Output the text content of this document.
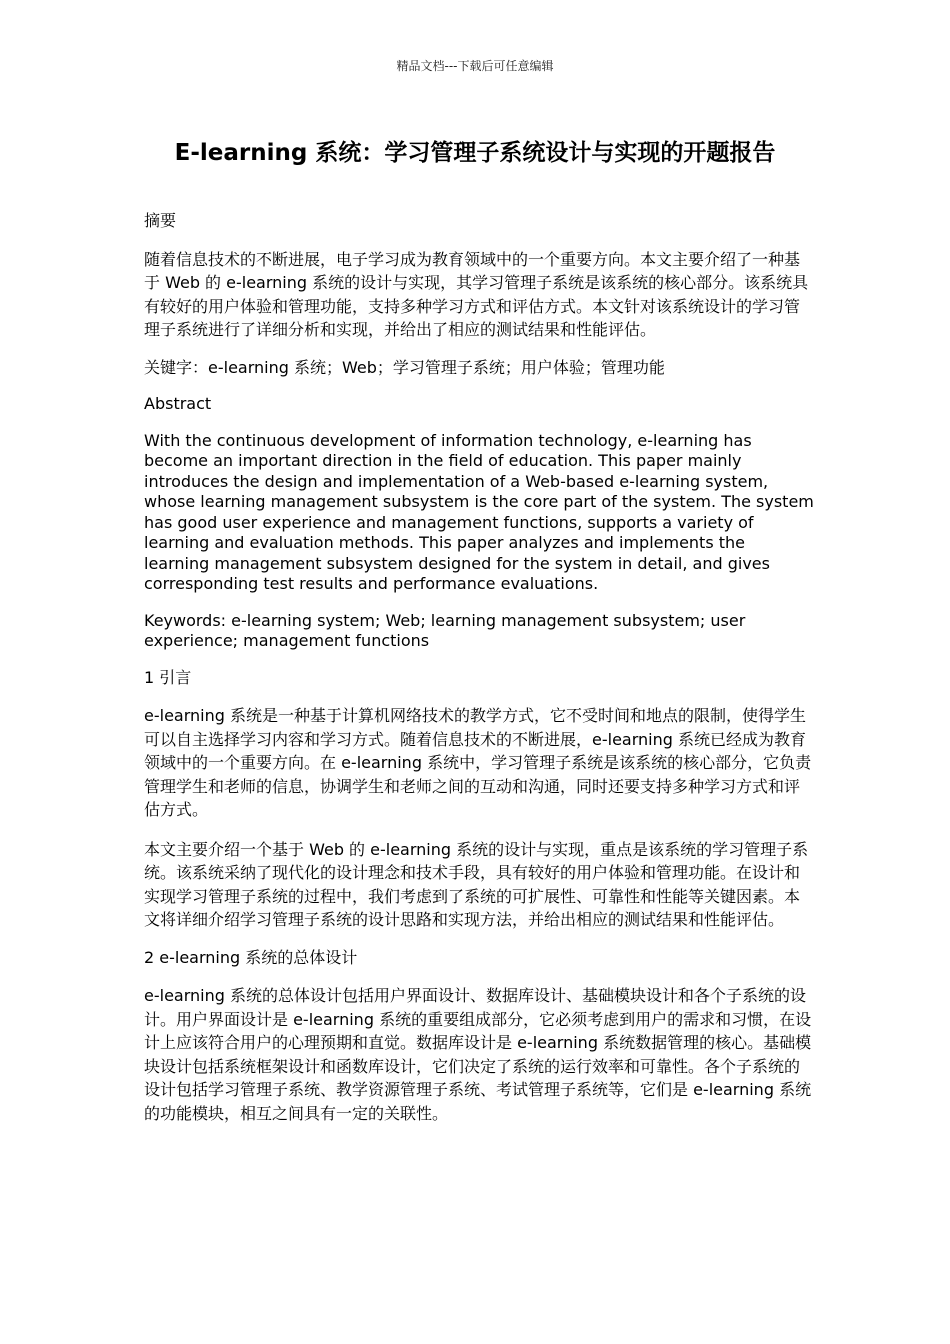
精品文档---下载后可任意编辑
E-learning 系统：学习管理子系统设计与实现的开题报告

摘要

随着信息技术的不断进展，电子学习成为教育领域中的一个重要方向。本文主要介绍了一种基于 Web 的 e-learning 系统的设计与实现，其学习管理子系统是该系统的核心部分。该系统具有较好的用户体验和管理功能，支持多种学习方式和评估方式。本文针对该系统设计的学习管理子系统进行了详细分析和实现，并给出了相应的测试结果和性能评估。

关键字：e-learning 系统；Web；学习管理子系统；用户体验；管理功能

Abstract

With the continuous development of information technology, e-learning has become an important direction in the field of education. This paper mainly introduces the design and implementation of a Web-based e-learning system, whose learning management subsystem is the core part of the system. The system has good user experience and management functions, supports a variety of learning and evaluation methods. This paper analyzes and implements the learning management subsystem designed for the system in detail, and gives corresponding test results and performance evaluations.

Keywords: e-learning system; Web; learning management subsystem; user experience; management functions

1 引言

e-learning 系统是一种基于计算机网络技术的教学方式，它不受时间和地点的限制，使得学生可以自主选择学习内容和学习方式。随着信息技术的不断进展，e-learning 系统已经成为教育领域中的一个重要方向。在 e-learning 系统中，学习管理子系统是该系统的核心部分，它负责管理学生和老师的信息，协调学生和老师之间的互动和沟通，同时还要支持多种学习方式和评估方式。

本文主要介绍一个基于 Web 的 e-learning 系统的设计与实现，重点是该系统的学习管理子系统。该系统采纳了现代化的设计理念和技术手段，具有较好的用户体验和管理功能。在设计和实现学习管理子系统的过程中，我们考虑到了系统的可扩展性、可靠性和性能等关键因素。本文将详细介绍学习管理子系统的设计思路和实现方法，并给出相应的测试结果和性能评估。

2 e-learning 系统的总体设计

e-learning 系统的总体设计包括用户界面设计、数据库设计、基础模块设计和各个子系统的设计。用户界面设计是 e-learning 系统的重要组成部分，它必须考虑到用户的需求和习惯，在设计上应该符合用户的心理预期和直觉。数据库设计是 e-learning 系统数据管理的核心。基础模块设计包括系统框架设计和函数库设计，它们决定了系统的运行效率和可靠性。各个子系统的设计包括学习管理子系统、教学资源管理子系统、考试管理子系统等，它们是 e-learning 系统的功能模块，相互之间具有一定的关联性。
